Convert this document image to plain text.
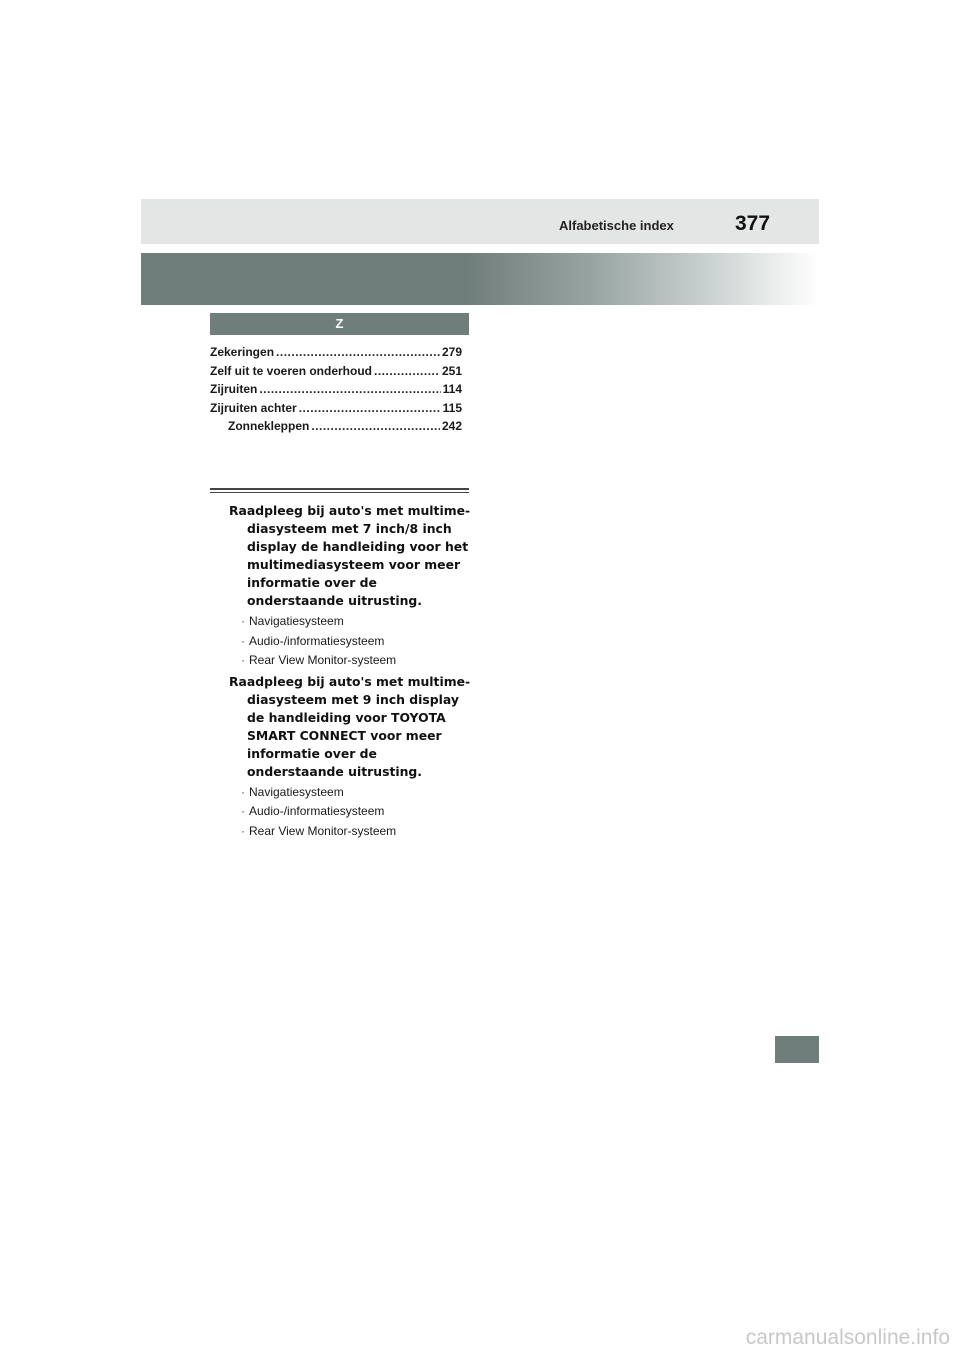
Alfabetische index	377
Z
Zekeringen .....	279
Zelf uit te voeren onderhoud .....	251
Zijruiten .....	114
Zijruiten achter .....	115
Zonnekleppen .....	242

Raadpleeg bij auto's met multime-diasysteem met 7 inch/8 inch display de handleiding voor het multimediasysteem voor meer informatie over de onderstaande uitrusting.

· Navigatiesysteem
· Audio-/informatiesysteem
· Rear View Monitor-systeem

Raadpleeg bij auto's met multime-diasysteem met 9 inch display de handleiding voor TOYOTA SMART CONNECT voor meer informatie over de onderstaande uitrusting.

· Navigatiesysteem
· Audio-/informatiesysteem
· Rear View Monitor-systeem
carmanualsonline.info
